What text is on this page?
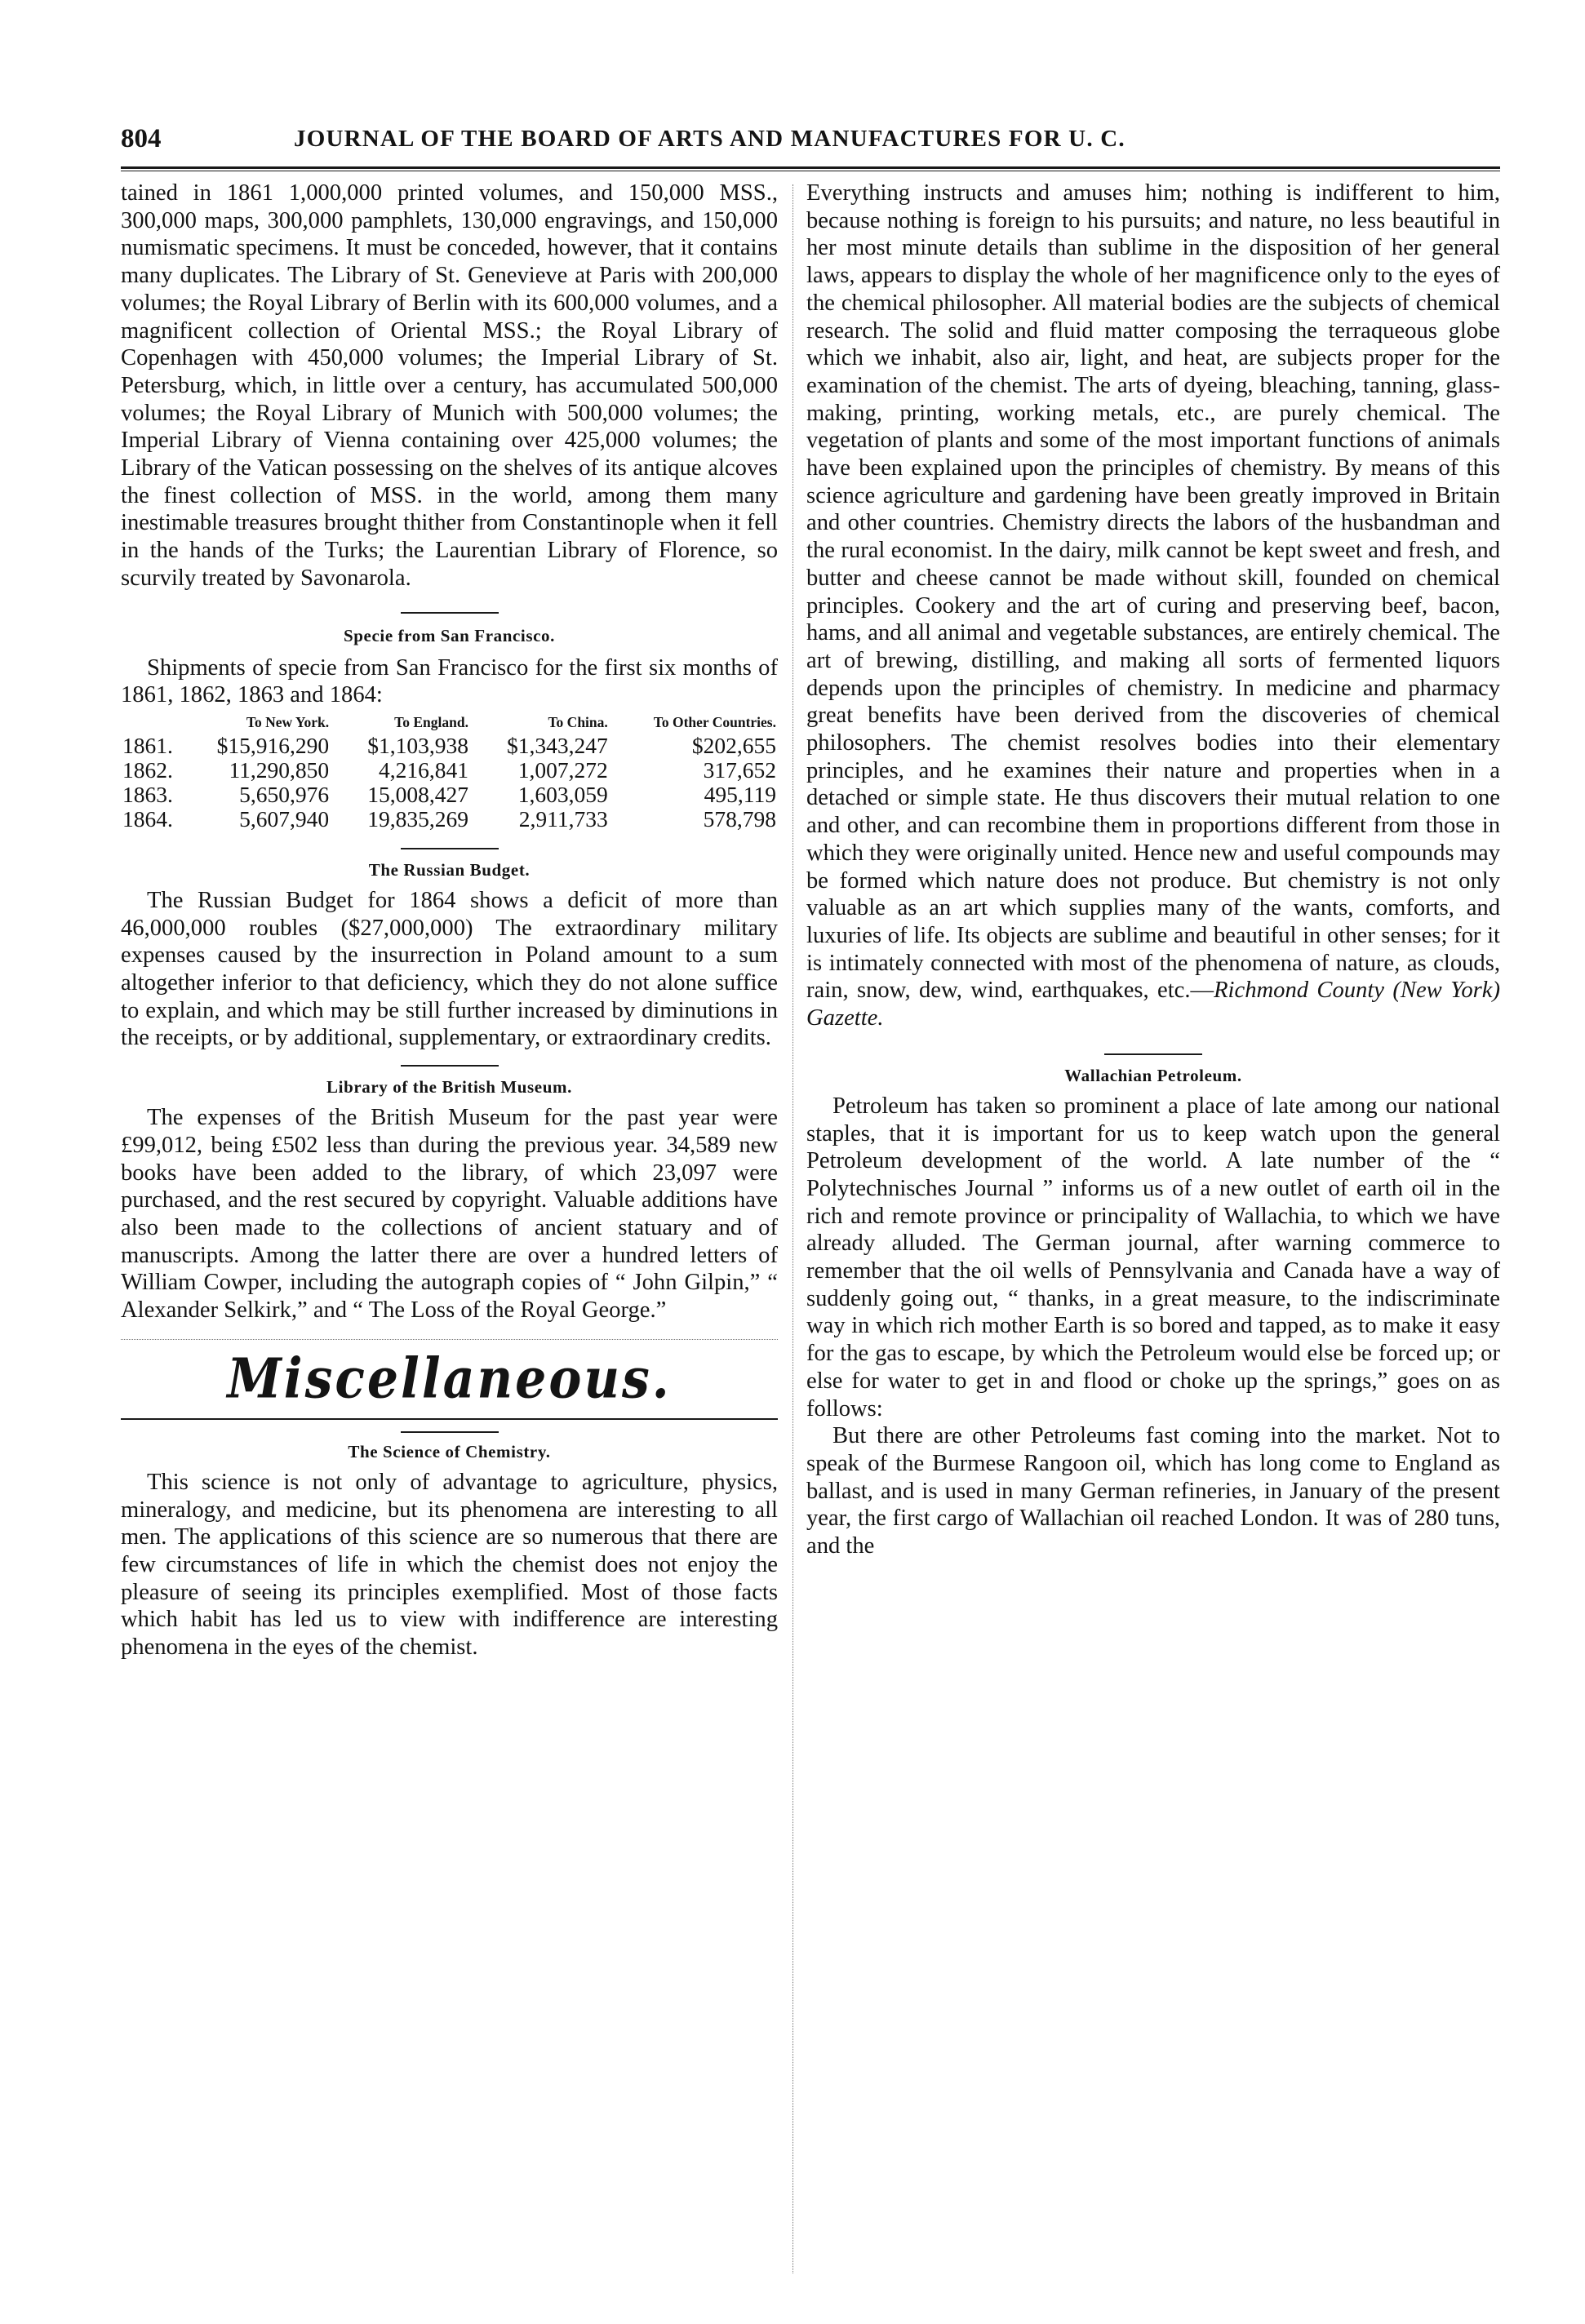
804	JOURNAL OF THE BOARD OF ARTS AND MANUFACTURES FOR U. C.

tained in 1861 1,000,000 printed volumes, and 150,000 MSS., 300,000 maps, 300,000 pamphlets, 130,000 engravings, and 150,000 numismatic specimens. It must be conceded, however, that it contains many duplicates. The Library of St. Genevieve at Paris with 200,000 volumes; the Royal Library of Berlin with its 600,000 volumes, and a magnificent collection of Oriental MSS.; the Royal Library of Copenhagen with 450,000 volumes; the Imperial Library of St. Petersburg, which, in little over a century, has accumulated 500,000 volumes; the Royal Library of Munich with 500,000 volumes; the Imperial Library of Vienna containing over 425,000 volumes; the Library of the Vatican possessing on the shelves of its antique alcoves the finest collection of MSS. in the world, among them many inestimable treasures brought thither from Constantinople when it fell in the hands of the Turks; the Laurentian Library of Florence, so scurvily treated by Savonarola.

Specie from San Francisco.

Shipments of specie from San Francisco for the first six months of 1861, 1862, 1863 and 1864:

	To New York.	To England.	To China.	To Other Countries.
1861.	$15,916,290	$1,103,938	$1,343,247	$202,655
1862.	11,290,850	4,216,841	1,007,272	317,652
1863.	5,650,976	15,008,427	1,603,059	495,119
1864.	5,607,940	19,835,269	2,911,733	578,798

The Russian Budget.

The Russian Budget for 1864 shows a deficit of more than 46,000,000 roubles ($27,000,000) The extraordinary military expenses caused by the insurrection in Poland amount to a sum altogether inferior to that deficiency, which they do not alone suffice to explain, and which may be still further increased by diminutions in the receipts, or by additional, supplementary, or extraordinary credits.

Library of the British Museum.

The expenses of the British Museum for the past year were £99,012, being £502 less than during the previous year. 34,589 new books have been added to the library, of which 23,097 were purchased, and the rest secured by copyright. Valuable additions have also been made to the collections of ancient statuary and of manuscripts. Among the latter there are over a hundred letters of William Cowper, including the autograph copies of “ John Gilpin,” “ Alexander Selkirk,” and “ The Loss of the Royal George.”

Miscellaneous.

The Science of Chemistry.

This science is not only of advantage to agriculture, physics, mineralogy, and medicine, but its phenomena are interesting to all men. The applications of this science are so numerous that there are few circumstances of life in which the chemist does not enjoy the pleasure of seeing its principles exemplified. Most of those facts which habit has led us to view with indifference are interesting phenomena in the eyes of the chemist.

Everything instructs and amuses him; nothing is indifferent to him, because nothing is foreign to his pursuits; and nature, no less beautiful in her most minute details than sublime in the disposition of her general laws, appears to display the whole of her magnificence only to the eyes of the chemical philosopher. All material bodies are the subjects of chemical research. The solid and fluid matter composing the terraqueous globe which we inhabit, also air, light, and heat, are subjects proper for the examination of the chemist. The arts of dyeing, bleaching, tanning, glass-making, printing, working metals, etc., are purely chemical. The vegetation of plants and some of the most important functions of animals have been explained upon the principles of chemistry. By means of this science agriculture and gardening have been greatly improved in Britain and other countries. Chemistry directs the labors of the husbandman and the rural economist. In the dairy, milk cannot be kept sweet and fresh, and butter and cheese cannot be made without skill, founded on chemical principles. Cookery and the art of curing and preserving beef, bacon, hams, and all animal and vegetable substances, are entirely chemical. The art of brewing, distilling, and making all sorts of fermented liquors depends upon the principles of chemistry. In medicine and pharmacy great benefits have been derived from the discoveries of chemical philosophers. The chemist resolves bodies into their elementary principles, and he examines their nature and properties when in a detached or simple state. He thus discovers their mutual relation to one and other, and can recombine them in proportions different from those in which they were originally united. Hence new and useful compounds may be formed which nature does not produce. But chemistry is not only valuable as an art which supplies many of the wants, comforts, and luxuries of life. Its objects are sublime and beautiful in other senses; for it is intimately connected with most of the phenomena of nature, as clouds, rain, snow, dew, wind, earthquakes, etc.—Richmond County (New York) Gazette.

Wallachian Petroleum.

Petroleum has taken so prominent a place of late among our national staples, that it is important for us to keep watch upon the general Petroleum development of the world. A late number of the “ Polytechnisches Journal ” informs us of a new outlet of earth oil in the rich and remote province or principality of Wallachia, to which we have already alluded. The German journal, after warning commerce to remember that the oil wells of Pennsylvania and Canada have a way of suddenly going out, “ thanks, in a great measure, to the indiscriminate way in which rich mother Earth is so bored and tapped, as to make it easy for the gas to escape, by which the Petroleum would else be forced up; or else for water to get in and flood or choke up the springs,” goes on as follows:

But there are other Petroleums fast coming into the market. Not to speak of the Burmese Rangoon oil, which has long come to England as ballast, and is used in many German refineries, in January of the present year, the first cargo of Wallachian oil reached London. It was of 280 tuns, and the
